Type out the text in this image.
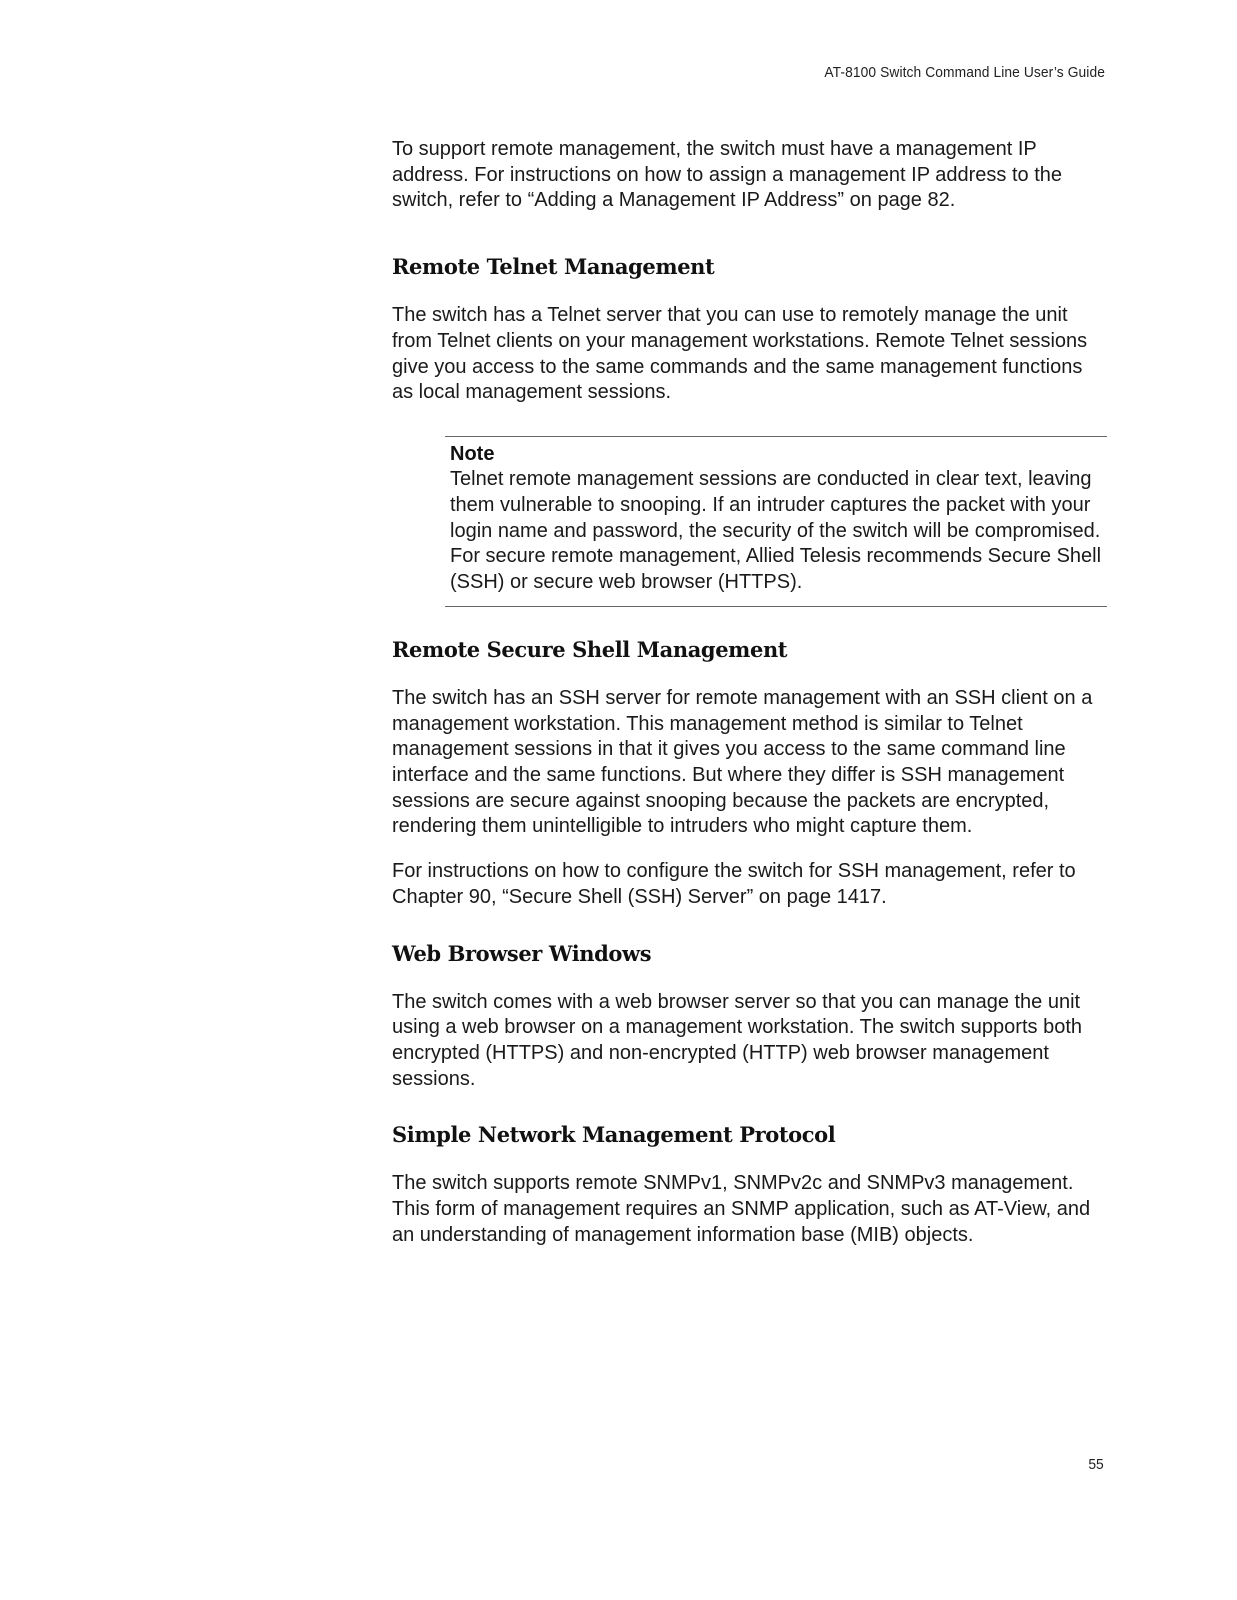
AT-8100 Switch Command Line User’s Guide

To support remote management, the switch must have a management IP address. For instructions on how to assign a management IP address to the switch, refer to “Adding a Management IP Address” on page 82.

Remote Telnet Management

The switch has a Telnet server that you can use to remotely manage the unit from Telnet clients on your management workstations. Remote Telnet sessions give you access to the same commands and the same management functions as local management sessions.

Note

Telnet remote management sessions are conducted in clear text, leaving them vulnerable to snooping. If an intruder captures the packet with your login name and password, the security of the switch will be compromised. For secure remote management, Allied Telesis recommends Secure Shell (SSH) or secure web browser (HTTPS).

Remote Secure Shell Management

The switch has an SSH server for remote management with an SSH client on a management workstation. This management method is similar to Telnet management sessions in that it gives you access to the same command line interface and the same functions. But where they differ is SSH management sessions are secure against snooping because the packets are encrypted, rendering them unintelligible to intruders who might capture them.

For instructions on how to configure the switch for SSH management, refer to Chapter 90, “Secure Shell (SSH) Server” on page 1417.

Web Browser Windows

The switch comes with a web browser server so that you can manage the unit using a web browser on a management workstation. The switch supports both encrypted (HTTPS) and non-encrypted (HTTP) web browser management sessions.

Simple Network Management Protocol

The switch supports remote SNMPv1, SNMPv2c and SNMPv3 management. This form of management requires an SNMP application, such as AT-View, and an understanding of management information base (MIB) objects.

55
